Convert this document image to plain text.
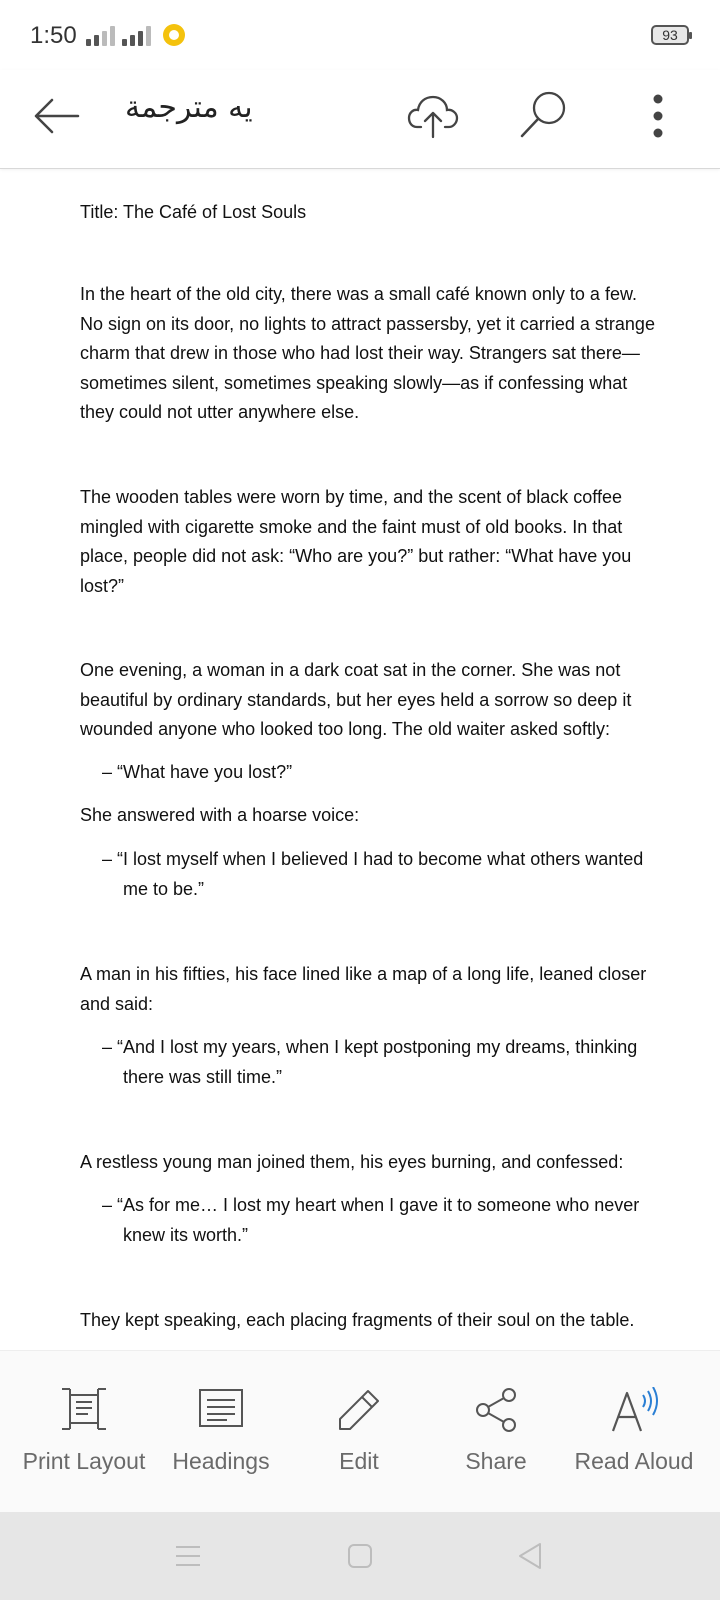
1:50	93
يه مترجمة

Title: The Café of Lost Souls

In the heart of the old city, there was a small café known only to a few. No sign on its door, no lights to attract passersby, yet it carried a strange charm that drew in those who had lost their way. Strangers sat there—sometimes silent, sometimes speaking slowly—as if confessing what they could not utter anywhere else.

The wooden tables were worn by time, and the scent of black coffee mingled with cigarette smoke and the faint must of old books. In that place, people did not ask: “Who are you?” but rather: “What have you lost?”

One evening, a woman in a dark coat sat in the corner. She was not beautiful by ordinary standards, but her eyes held a sorrow so deep it wounded anyone who looked too long. The old waiter asked softly:

– “What have you lost?”

She answered with a hoarse voice:

– “I lost myself when I believed I had to become what others wanted me to be.”

A man in his fifties, his face lined like a map of a long life, leaned closer and said:

– “And I lost my years, when I kept postponing my dreams, thinking there was still time.”

A restless young man joined them, his eyes burning, and confessed:

– “As for me… I lost my heart when I gave it to someone who never knew its worth.”

They kept speaking, each placing fragments of their soul on the table.

Print Layout	Headings	Edit	Share	Read Aloud
